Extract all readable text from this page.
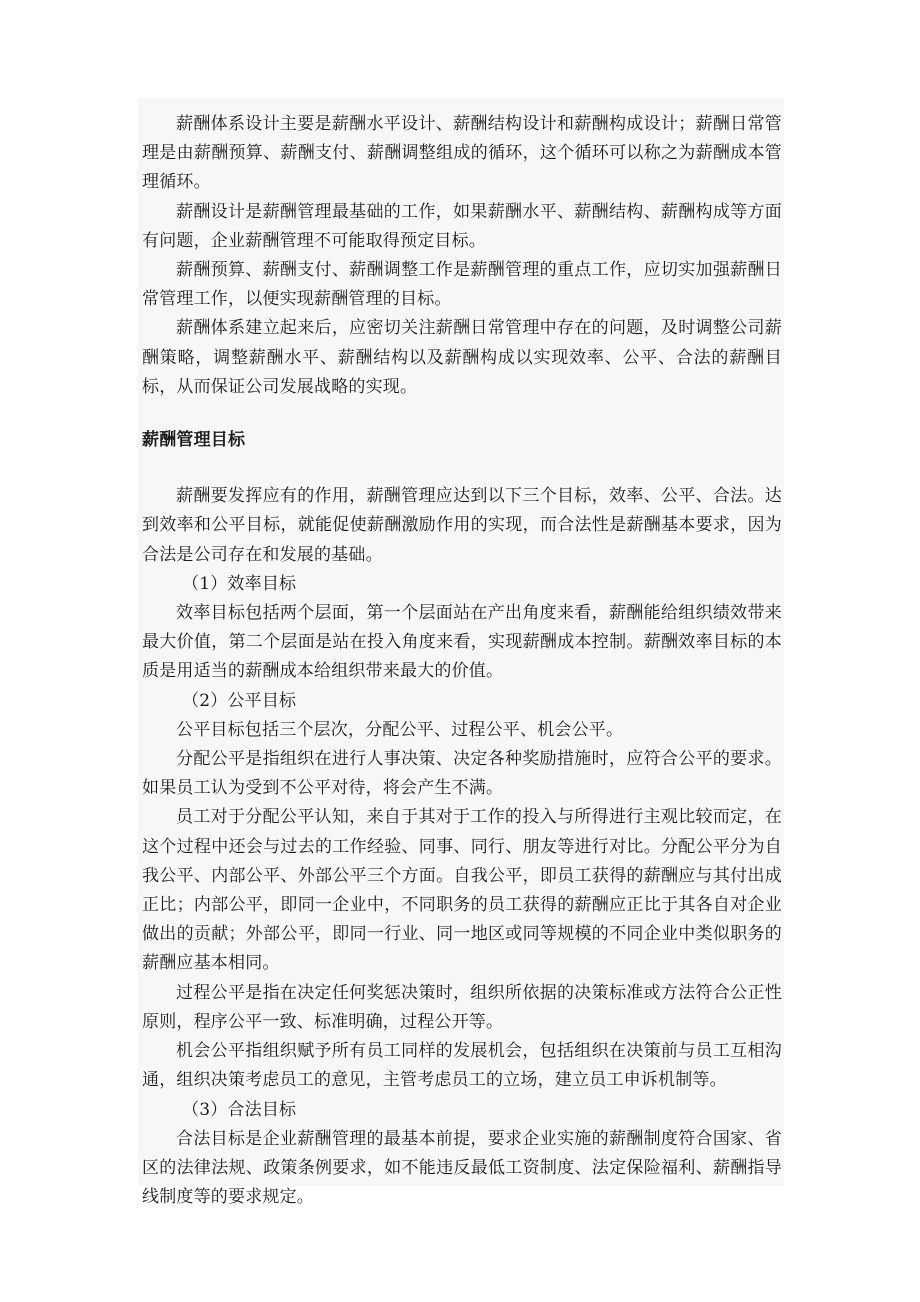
薪酬体系设计主要是薪酬水平设计、薪酬结构设计和薪酬构成设计；薪酬日常管理是由薪酬预算、薪酬支付、薪酬调整组成的循环，这个循环可以称之为薪酬成本管理循环。

薪酬设计是薪酬管理最基础的工作，如果薪酬水平、薪酬结构、薪酬构成等方面有问题，企业薪酬管理不可能取得预定目标。

薪酬预算、薪酬支付、薪酬调整工作是薪酬管理的重点工作，应切实加强薪酬日常管理工作，以便实现薪酬管理的目标。

薪酬体系建立起来后，应密切关注薪酬日常管理中存在的问题，及时调整公司薪酬策略，调整薪酬水平、薪酬结构以及薪酬构成以实现效率、公平、合法的薪酬目标，从而保证公司发展战略的实现。

薪酬管理目标

薪酬要发挥应有的作用，薪酬管理应达到以下三个目标，效率、公平、合法。达到效率和公平目标，就能促使薪酬激励作用的实现，而合法性是薪酬基本要求，因为合法是公司存在和发展的基础。

（1）效率目标

效率目标包括两个层面，第一个层面站在产出角度来看，薪酬能给组织绩效带来最大价值，第二个层面是站在投入角度来看，实现薪酬成本控制。薪酬效率目标的本质是用适当的薪酬成本给组织带来最大的价值。

（2）公平目标

公平目标包括三个层次，分配公平、过程公平、机会公平。

分配公平是指组织在进行人事决策、决定各种奖励措施时，应符合公平的要求。如果员工认为受到不公平对待，将会产生不满。

员工对于分配公平认知，来自于其对于工作的投入与所得进行主观比较而定，在这个过程中还会与过去的工作经验、同事、同行、朋友等进行对比。分配公平分为自我公平、内部公平、外部公平三个方面。自我公平，即员工获得的薪酬应与其付出成正比；内部公平，即同一企业中，不同职务的员工获得的薪酬应正比于其各自对企业做出的贡献；外部公平，即同一行业、同一地区或同等规模的不同企业中类似职务的薪酬应基本相同。

过程公平是指在决定任何奖惩决策时，组织所依据的决策标准或方法符合公正性原则，程序公平一致、标准明确，过程公开等。

机会公平指组织赋予所有员工同样的发展机会，包括组织在决策前与员工互相沟通，组织决策考虑员工的意见，主管考虑员工的立场，建立员工申诉机制等。

（3）合法目标

合法目标是企业薪酬管理的最基本前提，要求企业实施的薪酬制度符合国家、省区的法律法规、政策条例要求，如不能违反最低工资制度、法定保险福利、薪酬指导线制度等的要求规定。
